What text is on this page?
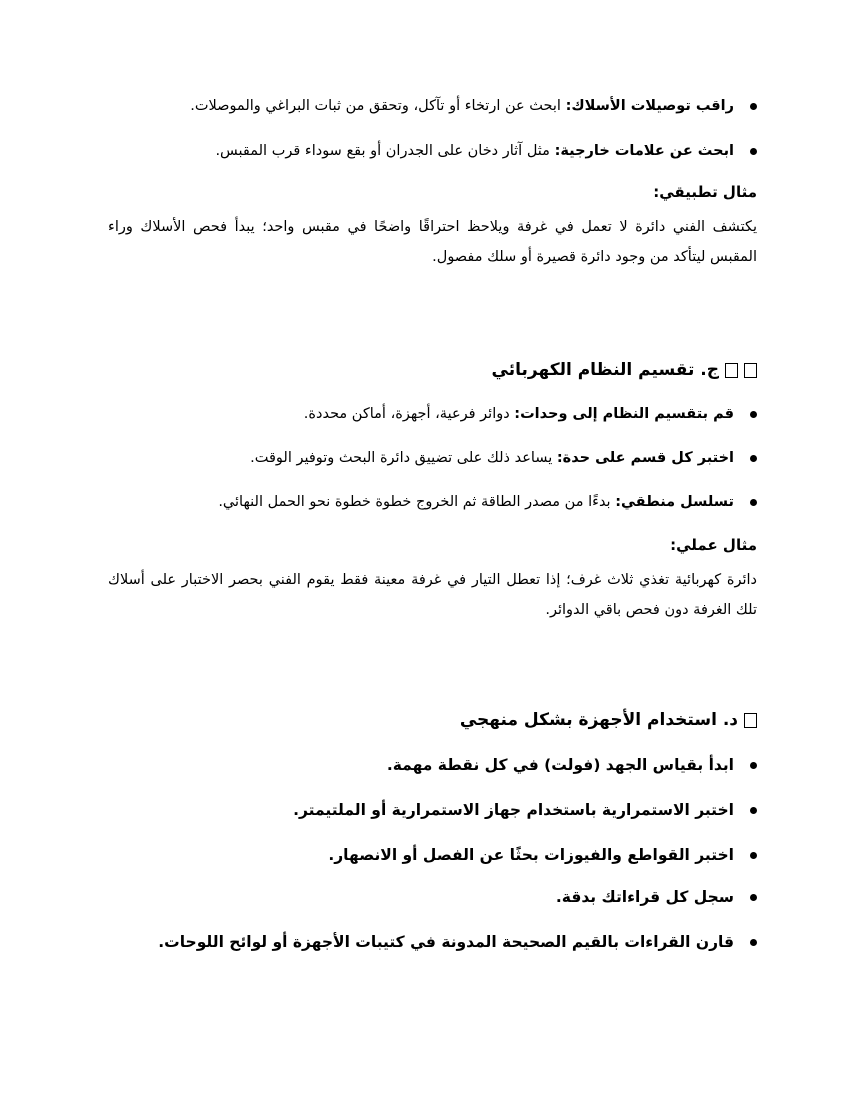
راقب توصيلات الأسلاك: ابحث عن ارتخاء أو تآكل، وتحقق من ثبات البراغي والموصلات.
ابحث عن علامات خارجية: مثل آثار دخان على الجدران أو بقع سوداء قرب المقبس.
مثال تطبيقي:
يكتشف الفني دائرة لا تعمل في غرفة ويلاحظ احتراقًا واضحًا في مقبس واحد؛ يبدأ فحص الأسلاك وراء المقبس ليتأكد من وجود دائرة قصيرة أو سلك مفصول.
ج. تقسيم النظام الكهربائي
قم بتقسيم النظام إلى وحدات: دوائر فرعية، أجهزة، أماكن محددة.
اختبر كل قسم على حدة: يساعد ذلك على تضييق دائرة البحث وتوفير الوقت.
تسلسل منطقي: بدءًا من مصدر الطاقة ثم الخروج خطوة خطوة نحو الحمل النهائي.
مثال عملي:
دائرة كهربائية تغذي ثلاث غرف؛ إذا تعطل التيار في غرفة معينة فقط يقوم الفني بحصر الاختبار على أسلاك تلك الغرفة دون فحص باقي الدوائر.
د. استخدام الأجهزة بشكل منهجي
ابدأ بقياس الجهد (فولت) في كل نقطة مهمة.
اختبر الاستمرارية باستخدام جهاز الاستمرارية أو الملتيمتر.
اختبر القواطع والفيوزات بحثًا عن الفصل أو الانصهار.
سجل كل قراءاتك بدقة.
قارن القراءات بالقيم الصحيحة المدونة في كتيبات الأجهزة أو لوائح اللوحات.
